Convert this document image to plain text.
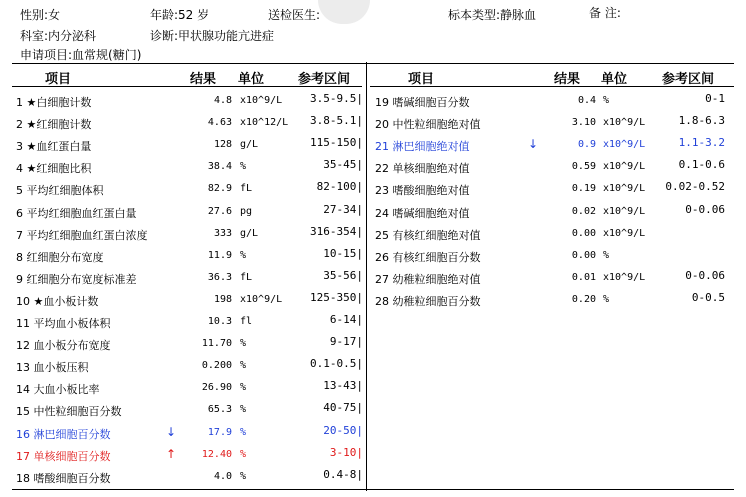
性别:女	年龄:52 岁	送检医生:	标本类型:静脉血	备 注:
科室:内分泌科	诊断:甲状腺功能亢进症
申请项目:血常规(糖门)
项目	结果 单位	参考区间	项目	结果 单位	参考区间
1 ★白细胞计数	4.8 x10^9/L	3.5-9.5|
2 ★红细胞计数	4.63 x10^12/L	3.8-5.1|
3 ★血红蛋白量	128 g/L	115-150|
4 ★红细胞比积	38.4 %	35-45|
5 平均红细胞体积	82.9 fL	82-100|
6 平均红细胞血红蛋白量	27.6 pg	27-34|
7 平均红细胞血红蛋白浓度	333 g/L	316-354|
8 红细胞分布宽度	11.9 %	10-15|
9 红细胞分布宽度标准差	36.3 fL	35-56|
10 ★血小板计数	198 x10^9/L	125-350|
11 平均血小板体积	10.3 fl	6-14|
12 血小板分布宽度	11.70 %	9-17|
13 血小板压积	0.200 %	0.1-0.5|
14 大血小板比率	26.90 %	13-43|
15 中性粒细胞百分数	65.3 %	40-75|
16 淋巴细胞百分数	↓	17.9 %	20-50|
17 单核细胞百分数	↑	12.40 %	3-10|
18 嗜酸细胞百分数	4.0 %	0.4-8|
19 嗜碱细胞百分数	0.4 %	0-1
20 中性粒细胞绝对值	3.10 x10^9/L	1.8-6.3
21 淋巴细胞绝对值	↓	0.9 x10^9/L	1.1-3.2
22 单核细胞绝对值	0.59 x10^9/L	0.1-0.6
23 嗜酸细胞绝对值	0.19 x10^9/L	0.02-0.52
24 嗜碱细胞绝对值	0.02 x10^9/L	0-0.06
25 有核红细胞绝对值	0.00 x10^9/L
26 有核红细胞百分数	0.00 %
27 幼稚粒细胞绝对值	0.01 x10^9/L	0-0.06
28 幼稚粒细胞百分数	0.20 %	0-0.5
